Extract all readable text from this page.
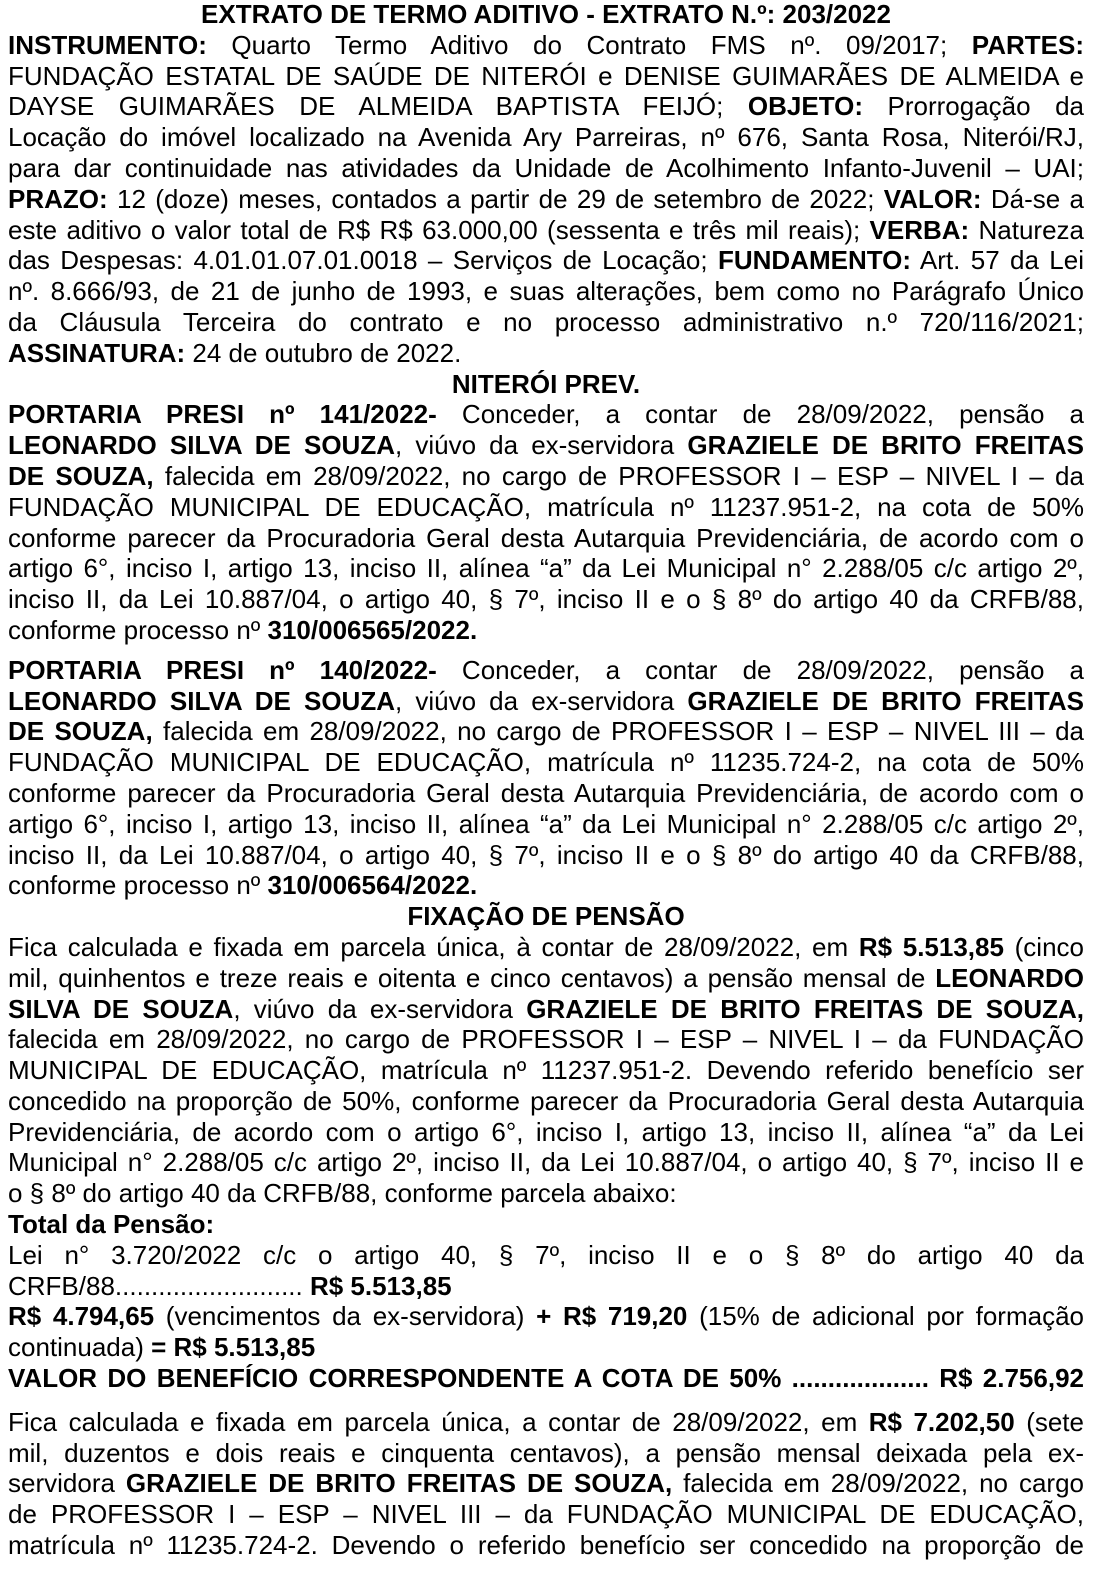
EXTRATO DE TERMO ADITIVO - EXTRATO N.º: 203/2022
INSTRUMENTO: Quarto Termo Aditivo do Contrato FMS nº. 09/2017; PARTES:
FUNDAÇÃO ESTATAL DE SAÚDE DE NITERÓI e DENISE GUIMARÃES DE ALMEIDA e
DAYSE GUIMARÃES DE ALMEIDA BAPTISTA FEIJÓ; OBJETO: Prorrogação da
Locação do imóvel localizado na Avenida Ary Parreiras, nº 676, Santa Rosa, Niterói/RJ,
para dar continuidade nas atividades da Unidade de Acolhimento Infanto-Juvenil – UAI;
PRAZO: 12 (doze) meses, contados a partir de 29 de setembro de 2022; VALOR: Dá-se a
este aditivo o valor total de R$ R$ 63.000,00 (sessenta e três mil reais); VERBA: Natureza
das Despesas: 4.01.01.07.01.0018 – Serviços de Locação; FUNDAMENTO: Art. 57 da Lei
nº. 8.666/93, de 21 de junho de 1993, e suas alterações, bem como no Parágrafo Único
da Cláusula Terceira do contrato e no processo administrativo n.º 720/116/2021;
ASSINATURA: 24 de outubro de 2022.
NITERÓI PREV.
PORTARIA PRESI nº 141/2022- Conceder, a contar de 28/09/2022, pensão a
LEONARDO SILVA DE SOUZA, viúvo da ex-servidora GRAZIELE DE BRITO FREITAS
DE SOUZA, falecida em 28/09/2022, no cargo de PROFESSOR I – ESP – NIVEL I – da
FUNDAÇÃO MUNICIPAL DE EDUCAÇÃO, matrícula nº 11237.951-2, na cota de 50%
conforme parecer da Procuradoria Geral desta Autarquia Previdenciária, de acordo com o
artigo 6°, inciso I, artigo 13, inciso II, alínea “a” da Lei Municipal n° 2.288/05 c/c artigo 2º,
inciso II, da Lei 10.887/04, o artigo 40, § 7º, inciso II e o § 8º do artigo 40 da CRFB/88,
conforme processo nº 310/006565/2022.
PORTARIA PRESI nº 140/2022- Conceder, a contar de 28/09/2022, pensão a
LEONARDO SILVA DE SOUZA, viúvo da ex-servidora GRAZIELE DE BRITO FREITAS
DE SOUZA, falecida em 28/09/2022, no cargo de PROFESSOR I – ESP – NIVEL III – da
FUNDAÇÃO MUNICIPAL DE EDUCAÇÃO, matrícula nº 11235.724-2, na cota de 50%
conforme parecer da Procuradoria Geral desta Autarquia Previdenciária, de acordo com o
artigo 6°, inciso I, artigo 13, inciso II, alínea “a” da Lei Municipal n° 2.288/05 c/c artigo 2º,
inciso II, da Lei 10.887/04, o artigo 40, § 7º, inciso II e o § 8º do artigo 40 da CRFB/88,
conforme processo nº 310/006564/2022.
FIXAÇÃO DE PENSÃO
Fica calculada e fixada em parcela única, à contar de 28/09/2022, em R$ 5.513,85 (cinco
mil, quinhentos e treze reais e oitenta e cinco centavos) a pensão mensal de LEONARDO
SILVA DE SOUZA, viúvo da ex-servidora GRAZIELE DE BRITO FREITAS DE SOUZA,
falecida em 28/09/2022, no cargo de PROFESSOR I – ESP – NIVEL I – da FUNDAÇÃO
MUNICIPAL DE EDUCAÇÃO, matrícula nº 11237.951-2. Devendo referido benefício ser
concedido na proporção de 50%, conforme parecer da Procuradoria Geral desta Autarquia
Previdenciária, de acordo com o artigo 6°, inciso I, artigo 13, inciso II, alínea “a” da Lei
Municipal n° 2.288/05 c/c artigo 2º, inciso II, da Lei 10.887/04, o artigo 40, § 7º, inciso II e
o § 8º do artigo 40 da CRFB/88, conforme parcela abaixo:
Total da Pensão:
Lei n° 3.720/2022 c/c o artigo 40, § 7º, inciso II e o § 8º do artigo 40 da
CRFB/88.......................... R$ 5.513,85
R$ 4.794,65 (vencimentos da ex-servidora) + R$ 719,20 (15% de adicional por formação
continuada) = R$ 5.513,85
VALOR DO BENEFÍCIO CORRESPONDENTE A COTA DE 50% ................... R$ 2.756,92
Fica calculada e fixada em parcela única, a contar de 28/09/2022, em R$ 7.202,50 (sete
mil, duzentos e dois reais e cinquenta centavos), a pensão mensal deixada pela ex-
servidora GRAZIELE DE BRITO FREITAS DE SOUZA, falecida em 28/09/2022, no cargo
de PROFESSOR I – ESP – NIVEL III – da FUNDAÇÃO MUNICIPAL DE EDUCAÇÃO,
matrícula nº 11235.724-2. Devendo o referido benefício ser concedido na proporção de
